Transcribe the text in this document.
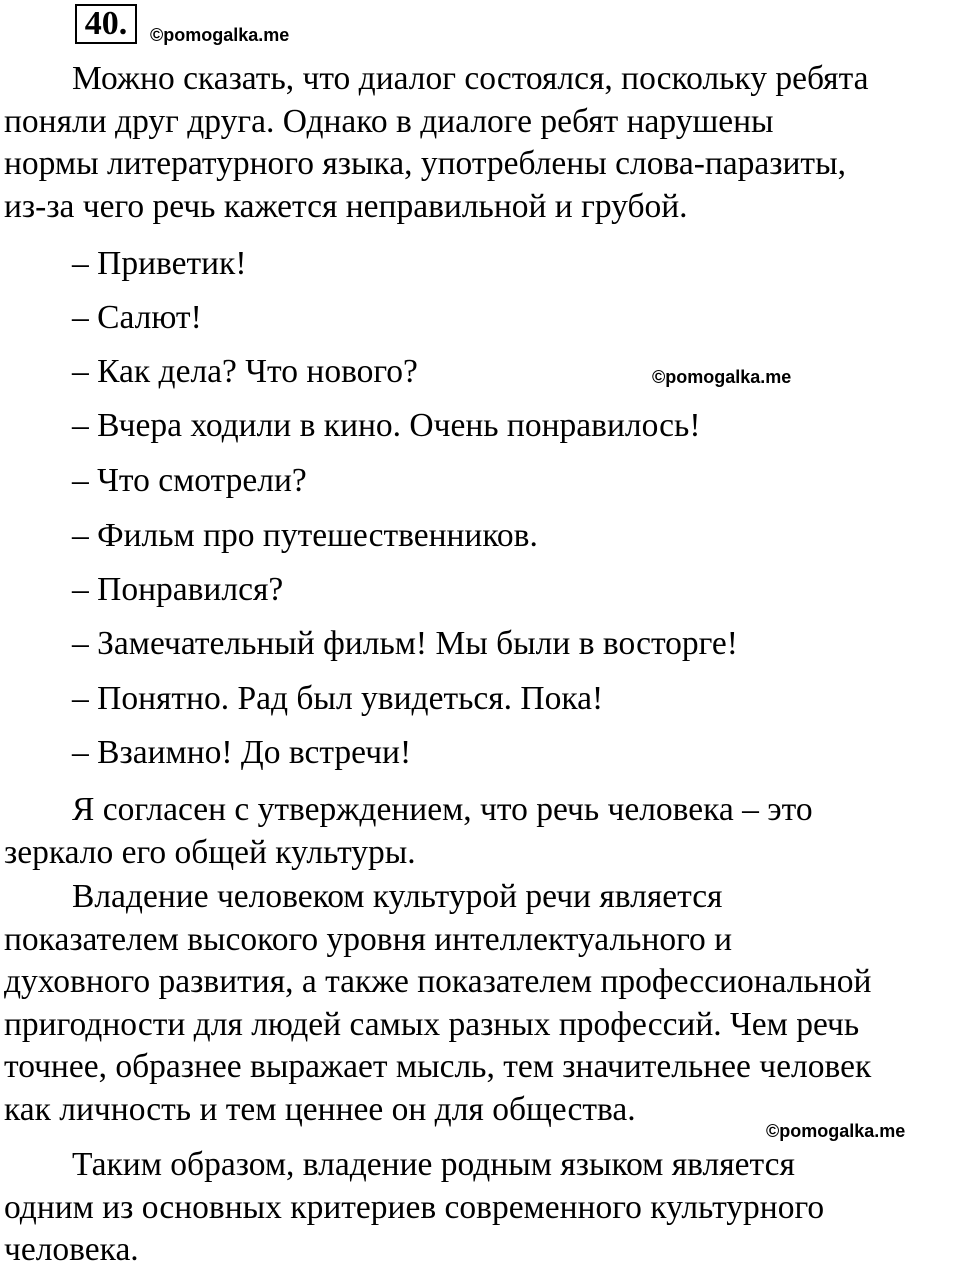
40.	©pomogalka.me
Можно сказать, что диалог состоялся, поскольку ребята
поняли друг друга. Однако в диалоге ребят нарушены
нормы литературного языка, употреблены слова-паразиты,
из-за чего речь кажется неправильной и грубой.

– Приветик!

– Салют!

– Как дела? Что нового?	©pomogalka.me

– Вчера ходили в кино. Очень понравилось!

– Что смотрели?

– Фильм про путешественников.

– Понравился?

– Замечательный фильм! Мы были в восторге!

– Понятно. Рад был увидеться. Пока!

– Взаимно! До встречи!

Я согласен с утверждением, что речь человека – это
зеркало его общей культуры.
Владение человеком культурой речи является
показателем высокого уровня интеллектуального и
духовного развития, а также показателем профессиональной
пригодности для людей самых разных профессий. Чем речь
точнее, образнее выражает мысль, тем значительнее человек
как личность и тем ценнее он для общества.
©pomogalka.me
Таким образом, владение родным языком является
одним из основных критериев современного культурного
человека.
